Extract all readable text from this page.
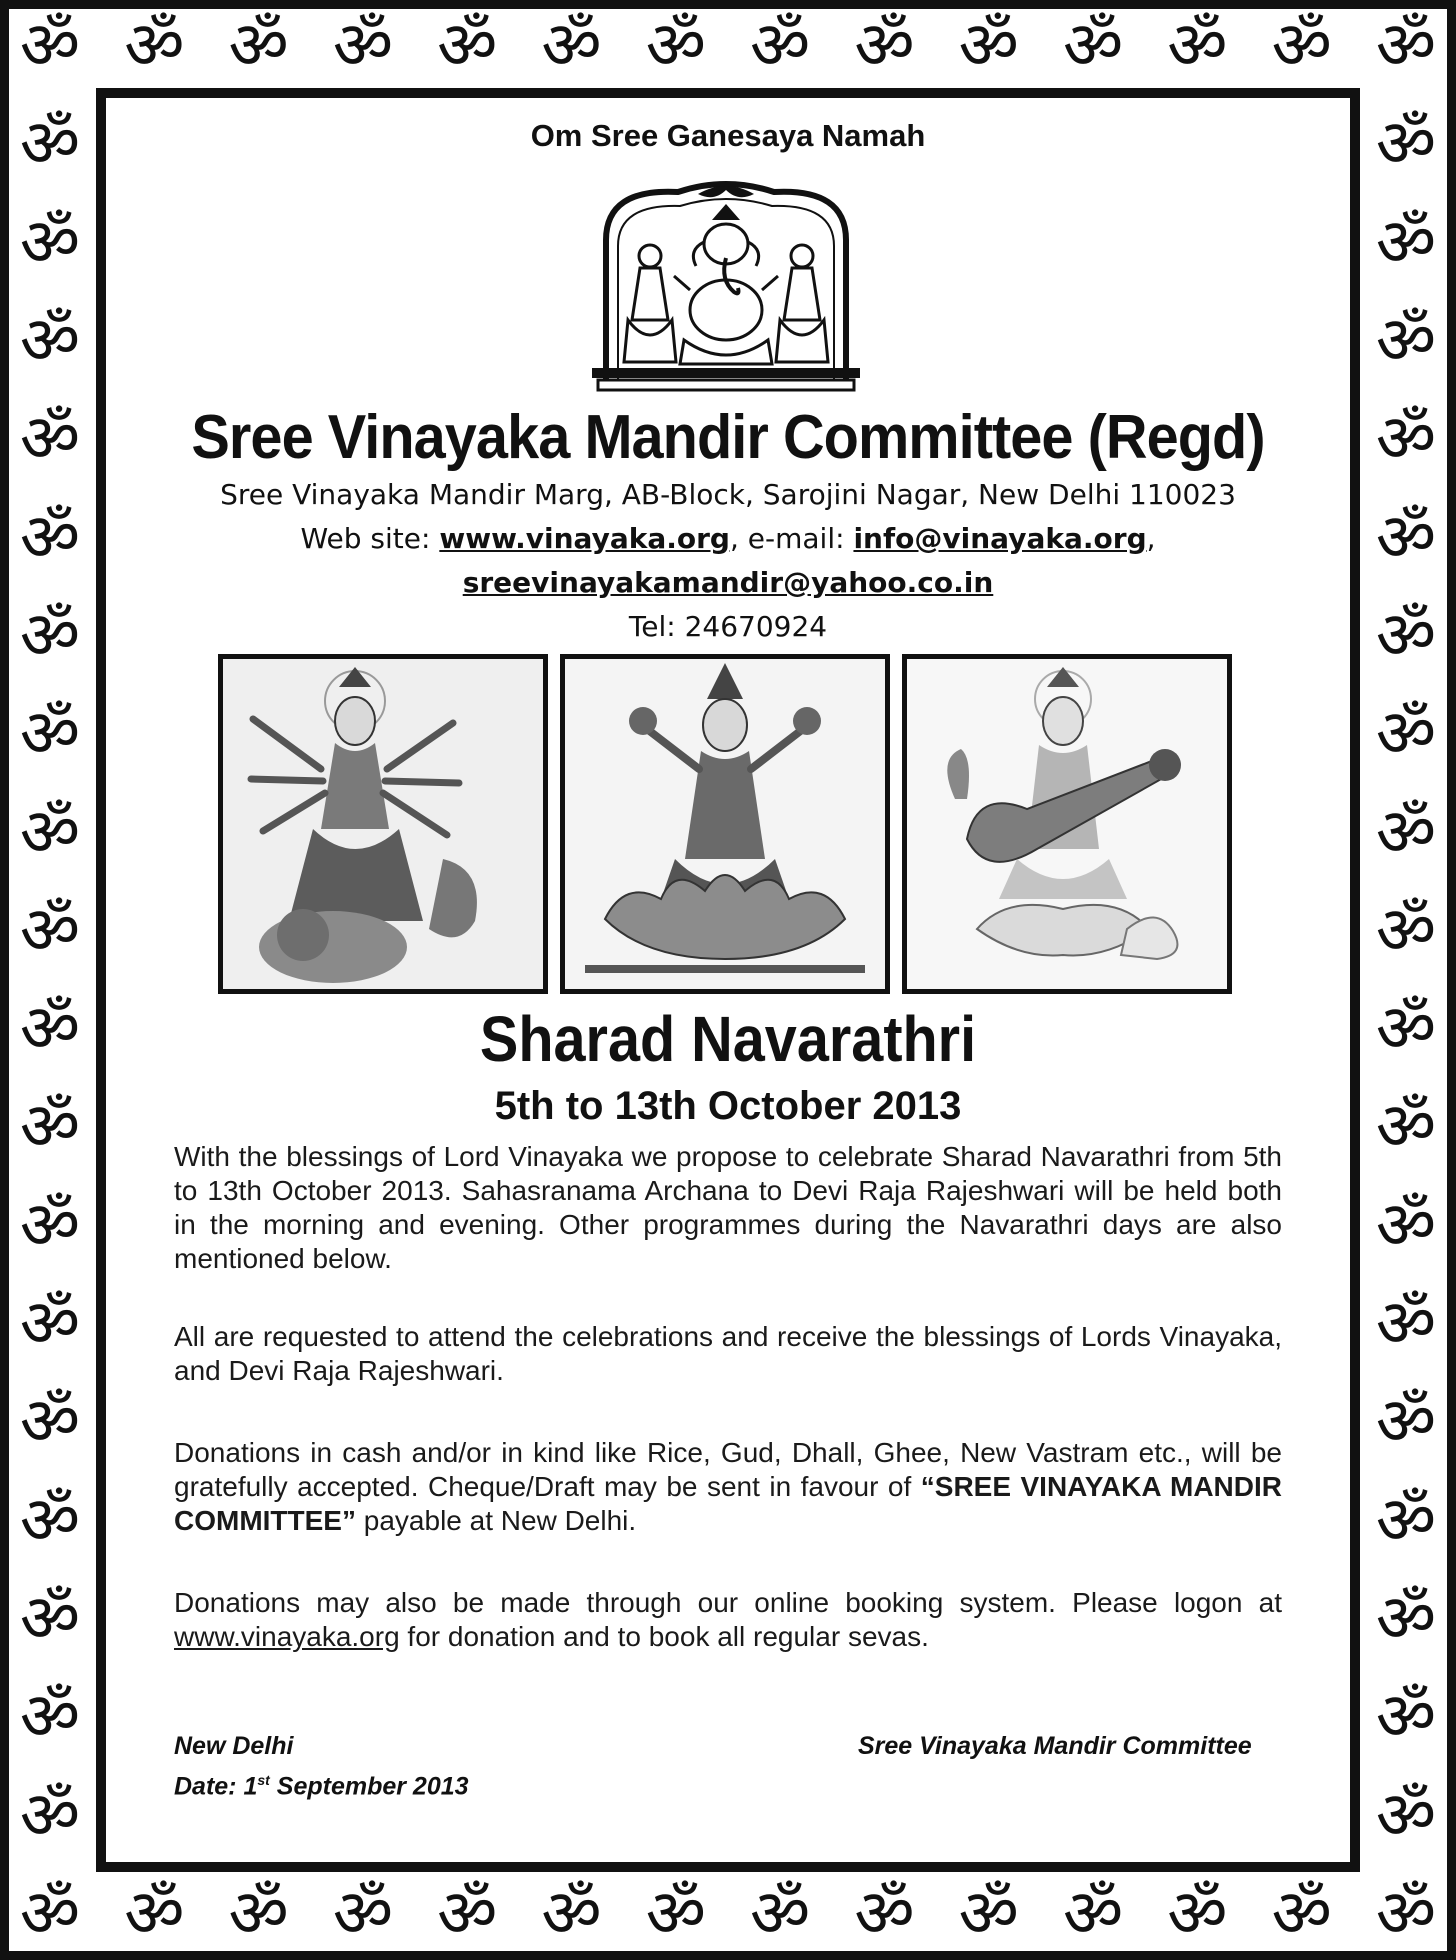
ॐ
ॐ
ॐ
ॐ
ॐ
ॐ
ॐ
ॐ
ॐ
ॐ
ॐ
ॐ
ॐ
ॐ
ॐ
ॐ
ॐ
ॐ
ॐ
ॐ
ॐ
ॐ
ॐ
ॐ
ॐ
ॐ
ॐ
ॐ
ॐ	ॐ
ॐ	ॐ
ॐ	ॐ
ॐ	ॐ
ॐ	ॐ
ॐ	ॐ
ॐ	ॐ
ॐ	ॐ
ॐ	ॐ
ॐ	ॐ
ॐ	ॐ
ॐ	ॐ
ॐ	ॐ
ॐ	ॐ
ॐ	ॐ
ॐ	ॐ
ॐ	ॐ
ॐ	ॐ
Om Sree Ganesaya Namah
Sree Vinayaka Mandir Committee (Regd)
Sree Vinayaka Mandir Marg, AB-Block, Sarojini Nagar, New Delhi 110023
Web site: www.vinayaka.org, e-mail: info@vinayaka.org,
sreevinayakamandir@yahoo.co.in
Tel: 24670924
Sharad Navarathri
5th to 13th October 2013
With the blessings of Lord Vinayaka we propose to celebrate Sharad Navarathri from 5th to 13th October 2013. Sahasranama Archana to Devi Raja Rajeshwari will be held both in the morning and evening. Other programmes during the Navarathri days are also mentioned below.
All are requested to attend the celebrations and receive the blessings of Lords Vinayaka, and Devi Raja Rajeshwari.
Donations in cash and/or in kind like Rice, Gud, Dhall, Ghee, New Vastram etc., will be gratefully accepted. Cheque/Draft may be sent in favour of “SREE VINAYAKA MANDIR COMMITTEE” payable at New Delhi.
Donations may also be made through our online booking system. Please logon at www.vinayaka.org for donation and to book all regular sevas.
New Delhi
Date: 1st September 2013
Sree Vinayaka Mandir Committee
